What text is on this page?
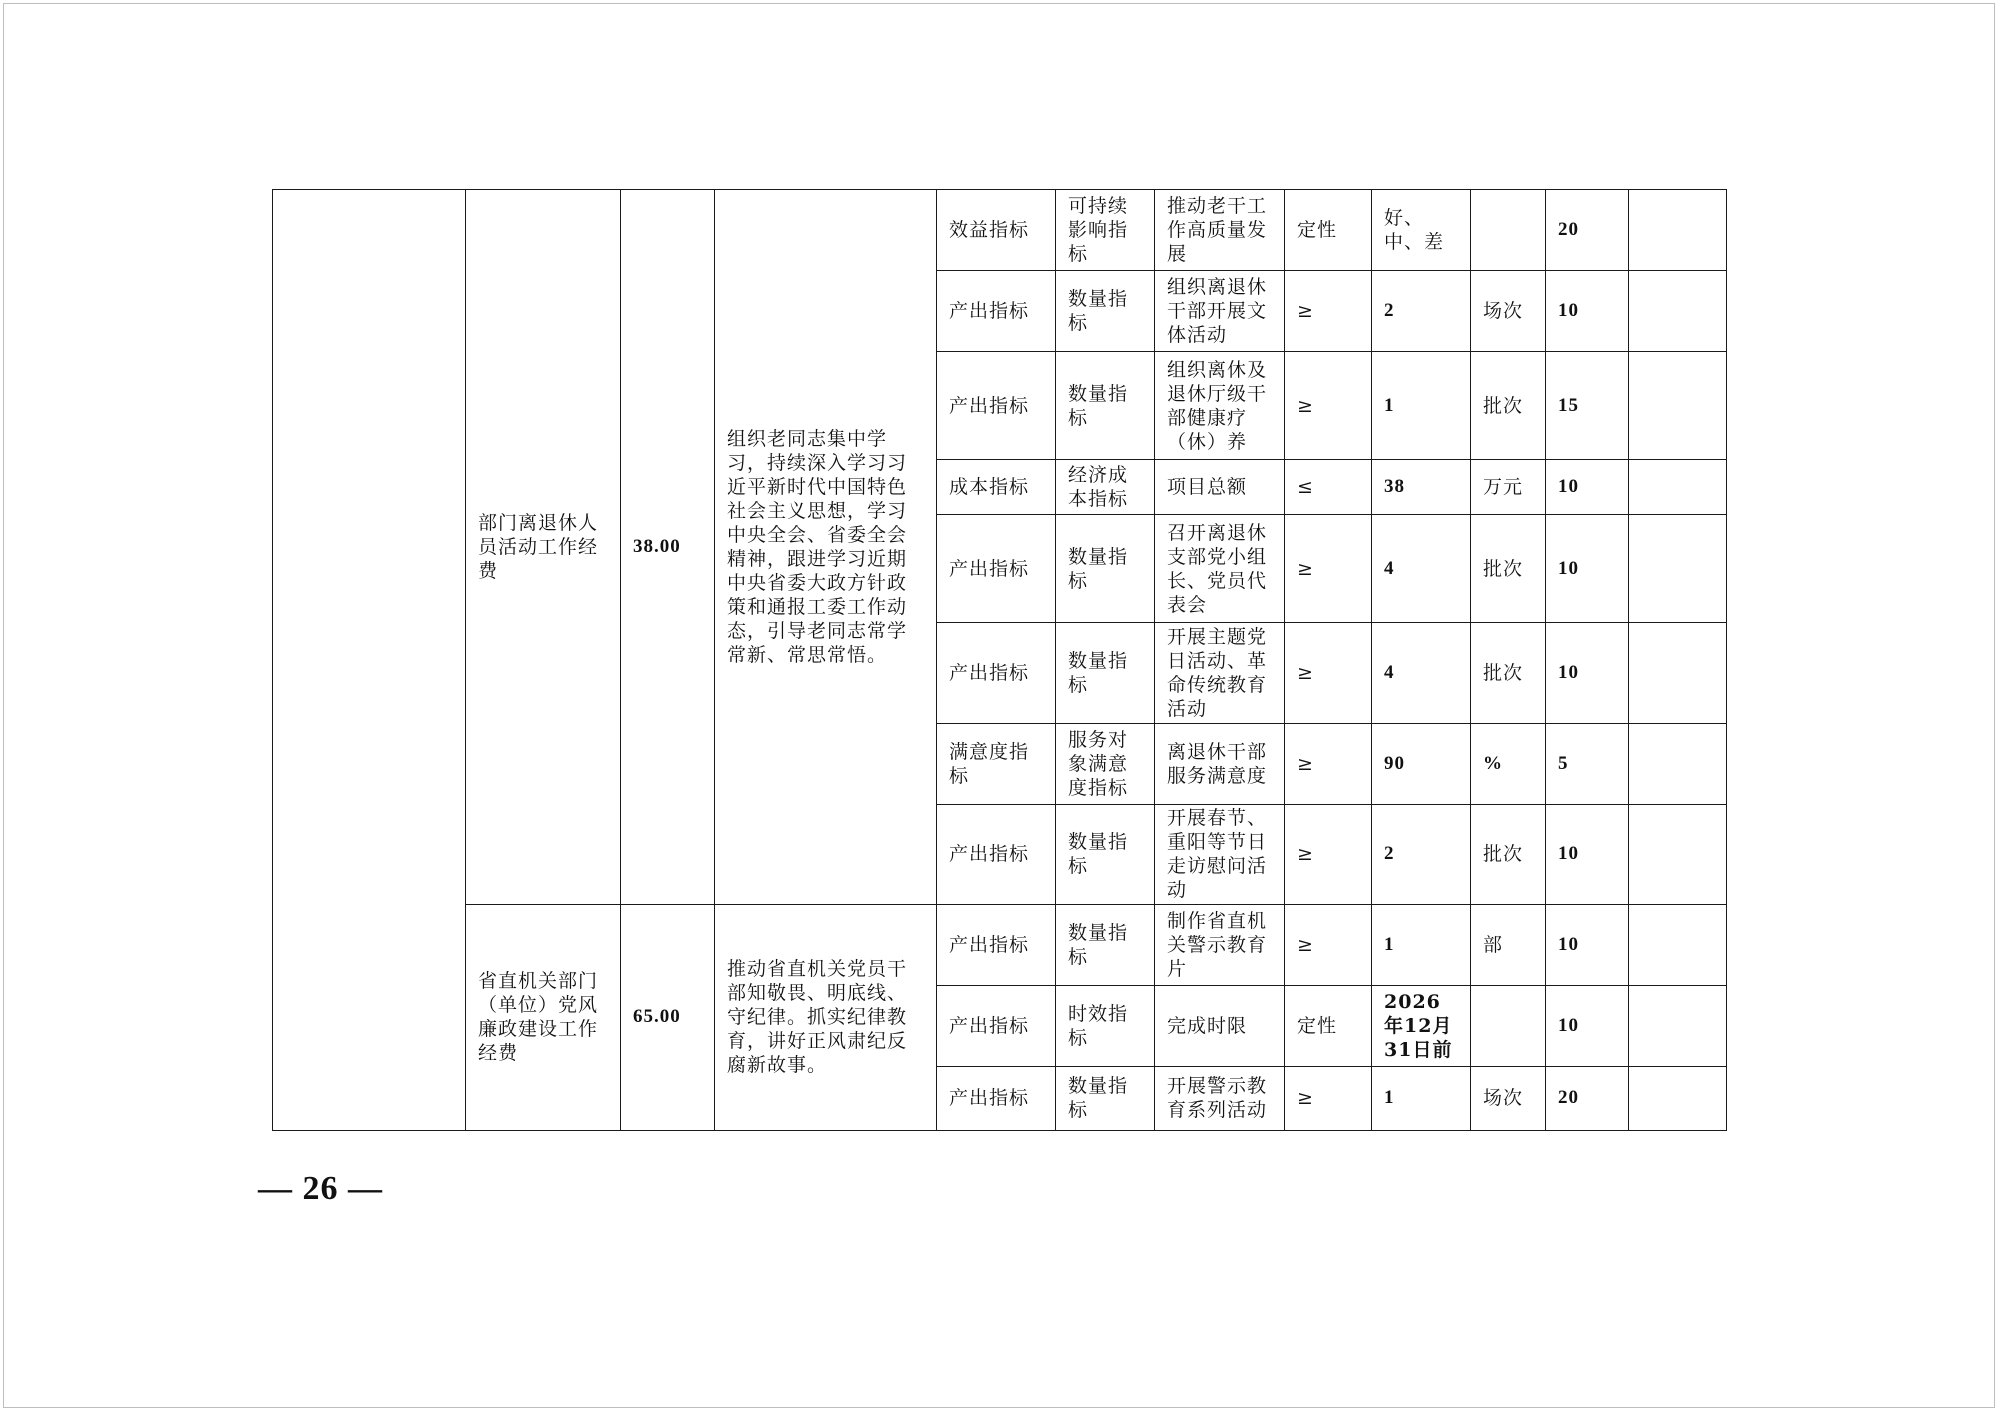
	部门离退休人员活动工作经费	38.00	组织老同志集中学习，持续深入学习习近平新时代中国特色社会主义思想，学习中央全会、省委全会精神，跟进学习近期中央省委大政方针政策和通报工委工作动态，引导老同志常学常新、常思常悟。	效益指标	可持续影响指标	推动老干工作高质量发展	定性	好、中、差		20	
				产出指标	数量指标	组织离退休干部开展文体活动	≥	2	场次	10	
				产出指标	数量指标	组织离休及退休厅级干部健康疗（休）养	≥	1	批次	15	
				成本指标	经济成本指标	项目总额	≤	38	万元	10	
				产出指标	数量指标	召开离退休支部党小组长、党员代表会	≥	4	批次	10	
				产出指标	数量指标	开展主题党日活动、革命传统教育活动	≥	4	批次	10	
				满意度指标	服务对象满意度指标	离退休干部服务满意度	≥	90	%	5	
				产出指标	数量指标	开展春节、重阳等节日走访慰问活动	≥	2	批次	10	
	省直机关部门（单位）党风廉政建设工作经费	65.00	推动省直机关党员干部知敬畏、明底线、守纪律。抓实纪律教育，讲好正风肃纪反腐新故事。	产出指标	数量指标	制作省直机关警示教育片	≥	1	部	10	
				产出指标	时效指标	完成时限	定性	2026年12月31日前		10	
				产出指标	数量指标	开展警示教育系列活动	≥	1	场次	20	
— 26 —
